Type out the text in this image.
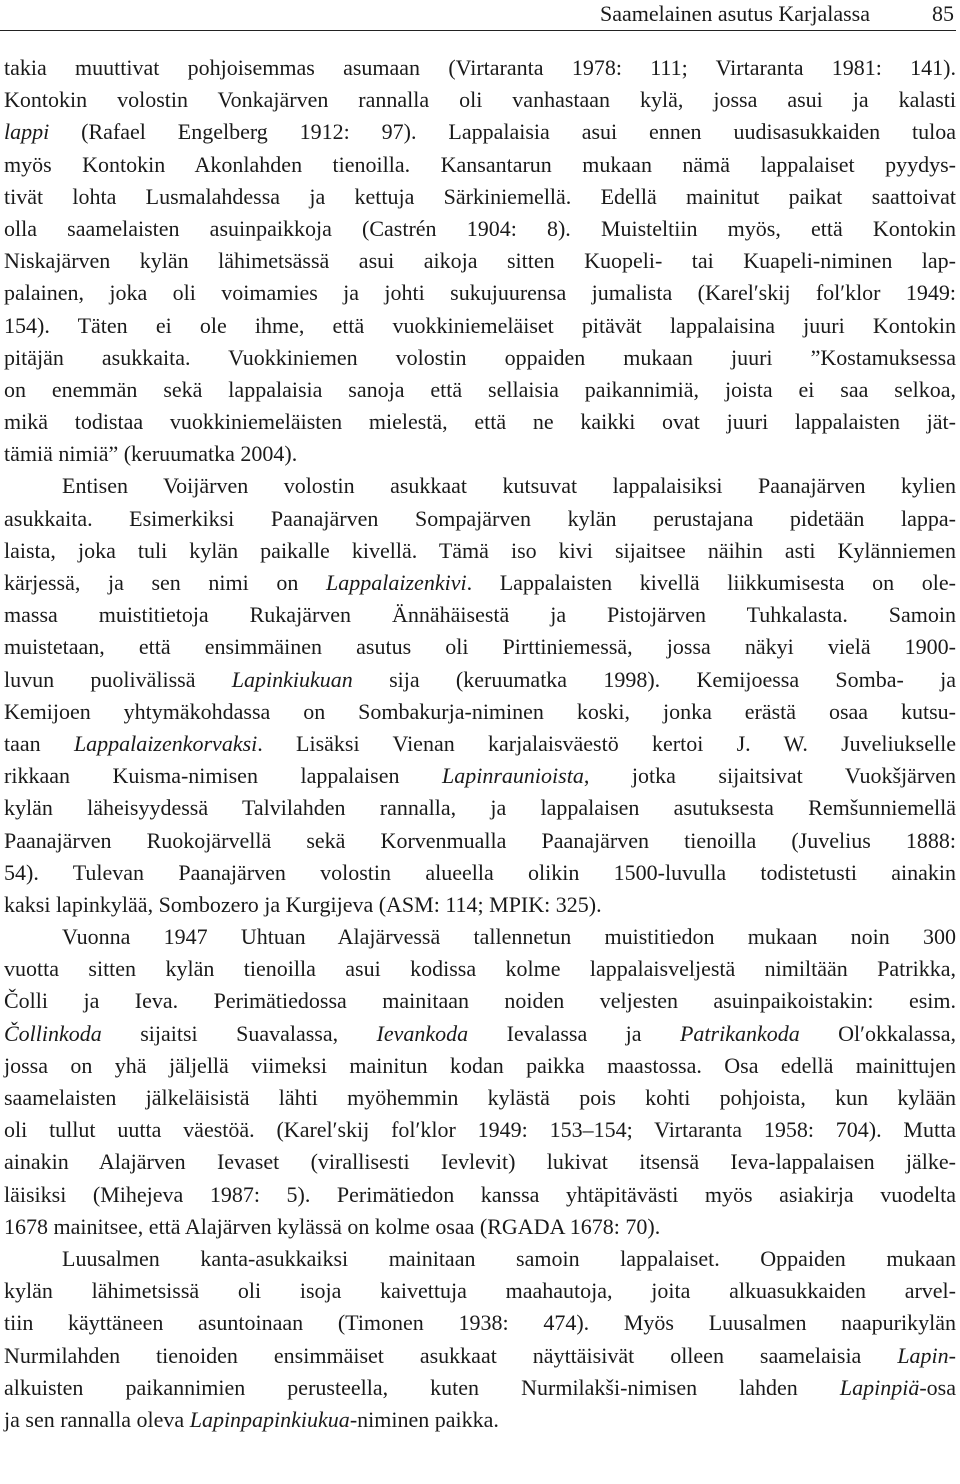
Saamelainen asutus Karjalassa	85
takia muuttivat pohjoisemmas asumaan (Virtaranta 1978: 111; Virtaranta 1981: 141).
Kontokin volostin Vonkajärven rannalla oli vanhastaan kylä, jossa asui ja kalasti
lappi (Rafael Engelberg 1912: 97). Lappalaisia asui ennen uudisasukkaiden tuloa
myös Kontokin Akonlahden tienoilla. Kansantarun mukaan nämä lappalaiset pyydys-
tivät lohta Lusmalahdessa ja kettuja Särkiniemellä. Edellä mainitut paikat saattoivat
olla saamelaisten asuinpaikkoja (Castrén 1904: 8). Muisteltiin myös, että Kontokin
Niskajärven kylän lähimetsässä asui aikoja sitten Kuopeli- tai Kuapeli-niminen lap-
palainen, joka oli voimamies ja johti sukujuurensa jumalista (Karel′skij fol′klor 1949:
154). Täten ei ole ihme, että vuokkiniemeläiset pitävät lappalaisina juuri Kontokin
pitäjän asukkaita. Vuokkiniemen volostin oppaiden mukaan juuri ”Kostamuksessa
on enemmän sekä lappalaisia sanoja että sellaisia paikannimiä, joista ei saa selkoa,
mikä todistaa vuokkiniemeläisten mielestä, että ne kaikki ovat juuri lappalaisten jät-
tämiä nimiä” (keruumatka 2004).
Entisen Voijärven volostin asukkaat kutsuvat lappalaisiksi Paanajärven kylien
asukkaita. Esimerkiksi Paanajärven Sompajärven kylän perustajana pidetään lappa-
laista, joka tuli kylän paikalle kivellä. Tämä iso kivi sijaitsee näihin asti Kylänniemen
kärjessä, ja sen nimi on Lappalaizenkivi. Lappalaisten kivellä liikkumisesta on ole-
massa muistitietoja Rukajärven Ännähäisestä ja Pistojärven Tuhkalasta. Samoin
muistetaan, että ensimmäinen asutus oli Pirttiniemessä, jossa näkyi vielä 1900-
luvun puolivälissä Lapinkiukuan sija (keruumatka 1998). Kemijoessa Somba- ja
Kemijoen yhtymäkohdassa on Sombakurja-niminen koski, jonka erästä osaa kutsu-
taan Lappalaizenkorvaksi. Lisäksi Vienan karjalaisväestö kertoi J. W. Juveliukselle
rikkaan Kuisma-nimisen lappalaisen Lapinraunioista, jotka sijaitsivat Vuokšjärven
kylän läheisyydessä Talvilahden rannalla, ja lappalaisen asutuksesta Remšunniemellä
Paanajärven Ruokojärvellä sekä Korvenmualla Paanajärven tienoilla (Juvelius 1888:
54). Tulevan Paanajärven volostin alueella olikin 1500-luvulla todistetusti ainakin
kaksi lapinkylää, Sombozero ja Kurgijeva (ASM: 114; MPIK: 325).
Vuonna 1947 Uhtuan Alajärvessä tallennetun muistitiedon mukaan noin 300
vuotta sitten kylän tienoilla asui kodissa kolme lappalaisveljestä nimiltään Patrikka,
Čolli ja Ieva. Perimätiedossa mainitaan noiden veljesten asuinpaikoistakin: esim.
Čollinkoda sijaitsi Suavalassa, Ievankoda Ievalassa ja Patrikankoda Ol′okkalassa,
jossa on yhä jäljellä viimeksi mainitun kodan paikka maastossa. Osa edellä mainittujen
saamelaisten jälkeläisistä lähti myöhemmin kylästä pois kohti pohjoista, kun kylään
oli tullut uutta väestöä. (Karel′skij fol′klor 1949: 153–154; Virtaranta 1958: 704). Mutta
ainakin Alajärven Ievaset (virallisesti Ievlevit) lukivat itsensä Ieva-lappalaisen jälke-
läisiksi (Mihejeva 1987: 5). Perimätiedon kanssa yhtäpitävästi myös asiakirja vuodelta
1678 mainitsee, että Alajärven kylässä on kolme osaa (RGADA 1678: 70).
Luusalmen kanta-asukkaiksi mainitaan samoin lappalaiset. Oppaiden mukaan
kylän lähimetsissä oli isoja kaivettuja maahautoja, joita alkuasukkaiden arvel-
tiin käyttäneen asuntoinaan (Timonen 1938: 474). Myös Luusalmen naapurikylän
Nurmilahden tienoiden ensimmäiset asukkaat näyttäisivät olleen saamelaisia Lapin-
alkuisten paikannimien perusteella, kuten Nurmilakši-nimisen lahden Lapinpiä-osa
ja sen rannalla oleva Lapinpapinkiukua-niminen paikka.
